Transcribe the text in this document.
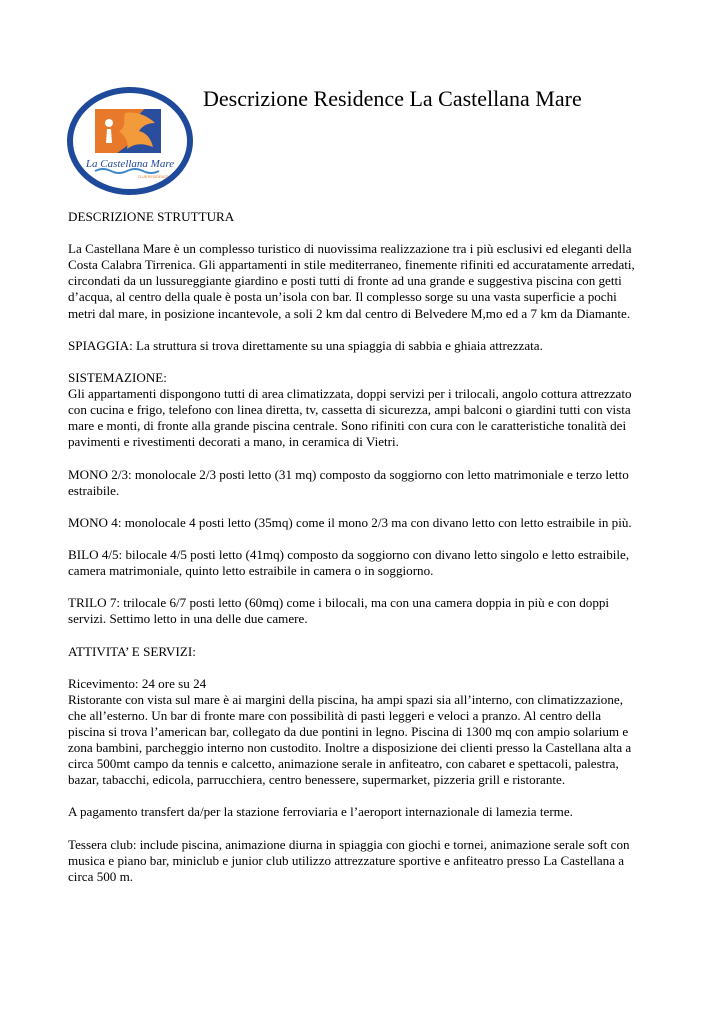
La Castellana Mare
CLUB RESIDENCE
Descrizione Residence La Castellana Mare

DESCRIZIONE STRUTTURA

La Castellana Mare è un complesso turistico di nuovissima realizzazione tra i più esclusivi ed eleganti della
Costa Calabra Tirrenica. Gli appartamenti in stile mediterraneo, finemente rifiniti ed accuratamente arredati,
circondati da un lussureggiante giardino e posti tutti di fronte ad una grande e suggestiva piscina con getti
d’acqua, al centro della quale è posta un’isola con bar. Il complesso sorge su una vasta superficie a pochi
metri dal mare, in posizione incantevole, a soli 2 km dal centro di Belvedere M,mo ed a 7 km da Diamante.

SPIAGGIA: La struttura si trova direttamente su una spiaggia di sabbia e ghiaia attrezzata.

SISTEMAZIONE:
Gli appartamenti dispongono tutti di area climatizzata, doppi servizi per i trilocali, angolo cottura attrezzato
con cucina e frigo, telefono con linea diretta, tv, cassetta di sicurezza, ampi balconi o giardini tutti con vista
mare e monti, di fronte alla grande piscina centrale. Sono rifiniti con cura con le caratteristiche tonalità dei
pavimenti e rivestimenti decorati a mano, in ceramica di Vietri.

MONO 2/3: monolocale 2/3 posti letto (31 mq) composto da soggiorno con letto matrimoniale e terzo letto
estraibile.

MONO 4: monolocale 4 posti letto (35mq) come il mono 2/3 ma con divano letto con letto estraibile in più.

BILO 4/5: bilocale 4/5 posti letto (41mq) composto da soggiorno con divano letto singolo e letto estraibile,
camera matrimoniale, quinto letto estraibile in camera o in soggiorno.

TRILO 7: trilocale 6/7 posti letto (60mq) come i bilocali, ma con una camera doppia in più e con doppi
servizi. Settimo letto in una delle due camere.

ATTIVITA’ E SERVIZI:

Ricevimento: 24 ore su 24
Ristorante con vista sul mare è ai margini della piscina, ha ampi spazi sia all’interno, con climatizzazione,
che all’esterno. Un bar di fronte mare con possibilità di pasti leggeri e veloci a pranzo. Al centro della
piscina si trova l’american bar, collegato da due pontini in legno. Piscina di 1300 mq con ampio solarium e
zona bambini, parcheggio interno non custodito. Inoltre a disposizione dei clienti presso la Castellana alta a
circa 500mt campo da tennis e calcetto, animazione serale in anfiteatro, con cabaret e spettacoli, palestra,
bazar, tabacchi, edicola, parrucchiera, centro benessere, supermarket, pizzeria grill e ristorante.

A pagamento transfert da/per la stazione ferroviaria e l’aeroport internazionale di lamezia terme.

Tessera club: include piscina, animazione diurna in spiaggia con giochi e tornei, animazione serale soft con
musica e piano bar, miniclub e junior club utilizzo attrezzature sportive e anfiteatro presso La Castellana a
circa 500 m.
